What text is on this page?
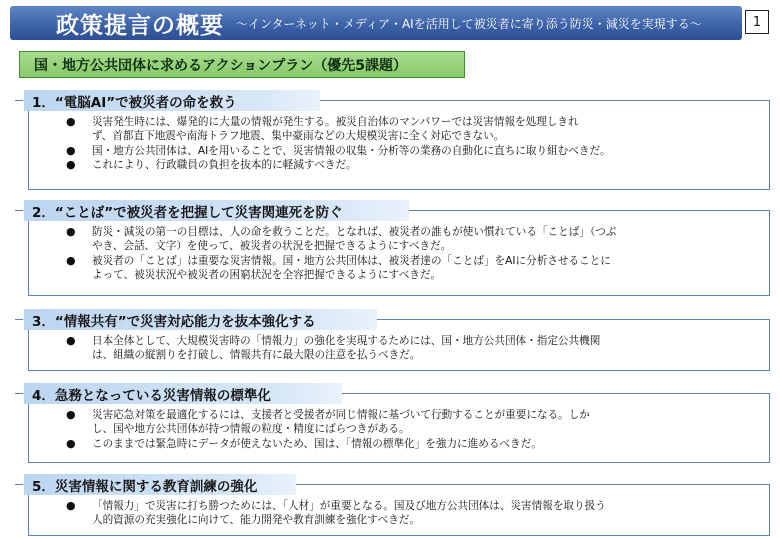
政策提言の概要 ～インターネット・メディア・AIを活用して被災者に寄り添う防災・減災を実現する～	1
国・地方公共団体に求めるアクションプラン（優先5課題）
1．“電脳AI”で被災者の命を救う
● 災害発生時には、爆発的に大量の情報が発生する。被災自治体のマンパワーでは災害情報を処理しきれ
ず、首都直下地震や南海トラフ地震、集中豪雨などの大規模災害に全く対応できない。
● 国・地方公共団体は、AIを用いることで、災害情報の収集・分析等の業務の自動化に直ちに取り組むべきだ。
● これにより、行政職員の負担を抜本的に軽減すべきだ。
2．“ことば”で被災者を把握して災害関連死を防ぐ
● 防災・減災の第一の目標は、人の命を救うことだ。となれば、被災者の誰もが使い慣れている「ことば」（つぶ
やき、会話、文字）を使って、被災者の状況を把握できるようにすべきだ。
● 被災者の「ことば」は重要な災害情報。国・地方公共団体は、被災者達の「ことば」をAIに分析させることに
よって、被災状況や被災者の困窮状況を全容把握できるようにすべきだ。
3．“情報共有”で災害対応能力を抜本強化する
● 日本全体として、大規模災害時の「情報力」の強化を実現するためには、国・地方公共団体・指定公共機関
は、組織の縦割りを打破し、情報共有に最大限の注意を払うべきだ。
4．急務となっている災害情報の標準化
● 災害応急対策を最適化するには、支援者と受援者が同じ情報に基づいて行動することが重要になる。しか
し、国や地方公共団体が持つ情報の粒度・精度にばらつきがある。
● このままでは緊急時にデータが使えないため、国は、「情報の標準化」を強力に進めるべきだ。
5．災害情報に関する教育訓練の強化
● 「情報力」で災害に打ち勝つためには、「人材」が重要となる。国及び地方公共団体は、災害情報を取り扱う
人的資源の充実強化に向けて、能力開発や教育訓練を強化すべきだ。
